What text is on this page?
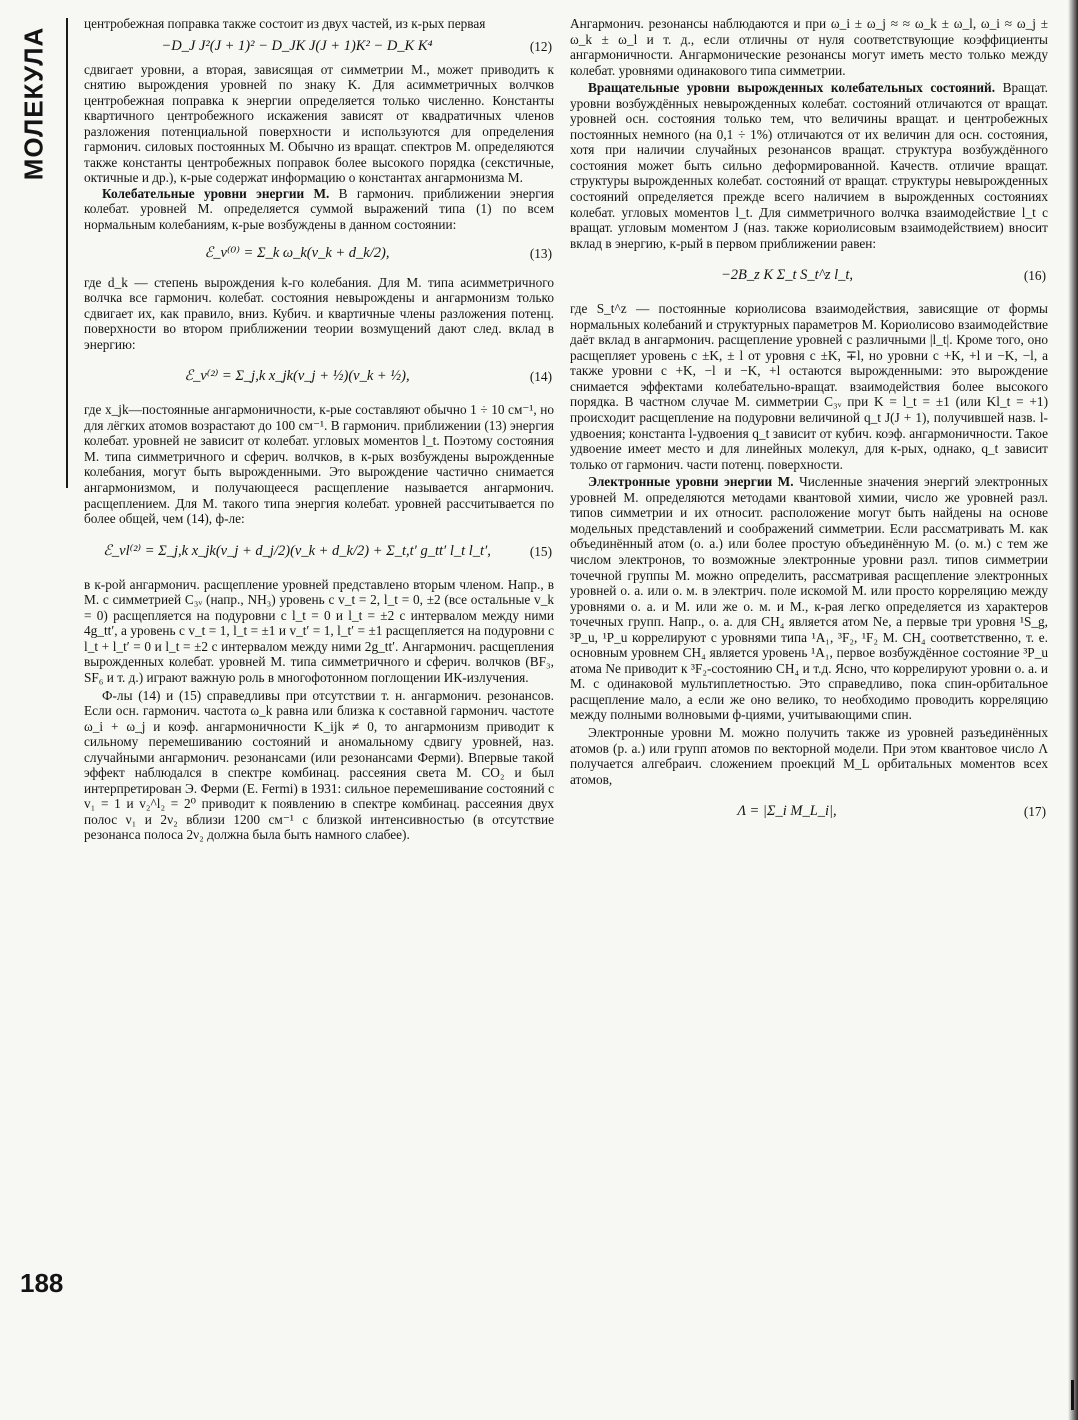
МОЛЕКУЛА
188

центробежная поправка также состоит из двух частей, из к-рых первая

−D_J J²(J + 1)² − D_JK J(J + 1)K² − D_K K⁴	(12)

сдвигает уровни, а вторая, зависящая от симметрии М., может приводить к снятию вырождения уровней по знаку K. Для асимметричных волчков центробежная поправка к энергии определяется только численно. Константы квартичного центробежного искажения зависят от квадратичных членов разложения потенциальной поверхности и используются для определения гармонич. силовых постоянных М. Обычно из вращат. спектров М. определяются также константы центробежных поправок более высокого порядка (секстичные, октичные и др.), к-рые содержат информацию о константах ангармонизма М.

Колебательные уровни энергии М. В гармонич. приближении энергия колебат. уровней М. определяется суммой выражений типа (1) по всем нормальным колебаниям, к-рые возбуждены в данном состоянии:

ℰ_v⁽⁰⁾ = Σ_k ω_k(v_k + d_k/2),	(13)

где d_k — степень вырождения k-го колебания. Для М. типа асимметричного волчка все гармонич. колебат. состояния невырождены и ангармонизм только сдвигает их, как правило, вниз. Кубич. и квартичные члены разложения потенц. поверхности во втором приближении теории возмущений дают след. вклад в энергию:

ℰ_v⁽²⁾ = Σ_j,k x_jk(v_j + ½)(v_k + ½),	(14)

где x_jk—постоянные ангармоничности, к-рые составляют обычно 1 ÷ 10 см⁻¹, но для лёгких атомов возрастают до 100 см⁻¹. В гармонич. приближении (13) энергия колебат. уровней не зависит от колебат. угловых моментов l_t. Поэтому состояния М. типа симметричного и сферич. волчков, в к-рых возбуждены вырожденные колебания, могут быть вырожденными. Это вырождение частично снимается ангармонизмом, и получающееся расщепление называется ангармонич. расщеплением. Для М. такого типа энергия колебат. уровней рассчитывается по более общей, чем (14), ф-ле:

ℰ_vl⁽²⁾ = Σ_j,k x_jk(v_j + d_j/2)(v_k + d_k/2) + Σ_t,t′ g_tt′ l_t l_t′,	(15)

в к-рой ангармонич. расщепление уровней представлено вторым членом. Напр., в М. с симметрией C₃ᵥ (напр., NH₃) уровень с v_t = 2, l_t = 0, ±2 (все остальные v_k = 0) расщепляется на подуровни с l_t = 0 и l_t = ±2 с интервалом между ними 4g_tt′, а уровень с v_t = 1, l_t = ±1 и v_t′ = 1, l_t′ = ±1 расщепляется на подуровни с l_t + l_t′ = 0 и l_t = ±2 с интервалом между ними 2g_tt′. Ангармонич. расщепления вырожденных колебат. уровней М. типа симметричного и сферич. волчков (BF₃, SF₆ и т. д.) играют важную роль в многофотонном поглощении ИК-излучения.

Ф-лы (14) и (15) справедливы при отсутствии т. н. ангармонич. резонансов. Если осн. гармонич. частота ω_k равна или близка к составной гармонич. частоте ω_i + ω_j и коэф. ангармоничности K_ijk ≠ 0, то ангармонизм приводит к сильному перемешиванию состояний и аномальному сдвигу уровней, наз. случайными ангармонич. резонансами (или резонансами Ферми). Впервые такой эффект наблюдался в спектре комбинац. рассеяния света М. CO₂ и был интерпретирован Э. Ферми (E. Fermi) в 1931: сильное перемешивание состояний с v₁ = 1 и v₂^l₂ = 2⁰ приводит к появлению в спектре комбинац. рассеяния двух полос ν₁ и 2ν₂ вблизи 1200 см⁻¹ с близкой интенсивностью (в отсутствие резонанса полоса 2ν₂ должна была быть намного слабее).

Ангармонич. резонансы наблюдаются и при ω_i ± ω_j ≈ ≈ ω_k ± ω_l, ω_i ≈ ω_j ± ω_k ± ω_l и т. д., если отличны от нуля соответствующие коэффициенты ангармоничности. Ангармонические резонансы могут иметь место только между колебат. уровнями одинакового типа симметрии.

Вращательные уровни вырожденных колебательных состояний. Вращат. уровни возбуждённых невырожденных колебат. состояний отличаются от вращат. уровней осн. состояния только тем, что величины вращат. и центробежных постоянных немного (на 0,1 ÷ 1%) отличаются от их величин для осн. состояния, хотя при наличии случайных резонансов вращат. структура возбуждённого состояния может быть сильно деформированной. Качеств. отличие вращат. структуры вырожденных колебат. состояний от вращат. структуры невырожденных состояний определяется прежде всего наличием в вырожденных состояниях колебат. угловых моментов l_t. Для симметричного волчка взаимодействие l_t с вращат. угловым моментом J (наз. также кориолисовым взаимодействием) вносит вклад в энергию, к-рый в первом приближении равен:

−2B_z K Σ_t S_t^z l_t,	(16)

где S_t^z — постоянные кориолисова взаимодействия, зависящие от формы нормальных колебаний и структурных параметров М. Кориолисово взаимодействие даёт вклад в ангармонич. расщепление уровней с различными |l_t|. Кроме того, оно расщепляет уровень с ±K, ± l от уровня с ±K, ∓l, но уровни с +K, +l и −K, −l, а также уровни с +K, −l и −K, +l остаются вырожденными: это вырождение снимается эффектами колебательно-вращат. взаимодействия более высокого порядка. В частном случае М. симметрии C₃ᵥ при K = l_t = ±1 (или Kl_t = +1) происходит расщепление на подуровни величиной q_t J(J + 1), получившей назв. l-удвоения; константа l-удвоения q_t зависит от кубич. коэф. ангармоничности. Такое удвоение имеет место и для линейных молекул, для к-рых, однако, q_t зависит только от гармонич. части потенц. поверхности.

Электронные уровни энергии М. Численные значения энергий электронных уровней М. определяются методами квантовой химии, число же уровней разл. типов симметрии и их относит. расположение могут быть найдены на основе модельных представлений и соображений симметрии. Если рассматривать М. как объединённый атом (о. а.) или более простую объединённую М. (о. м.) с тем же числом электронов, то возможные электронные уровни разл. типов симметрии точечной группы М. можно определить, рассматривая расщепление электронных уровней о. а. или о. м. в электрич. поле искомой М. или просто корреляцию между уровнями о. а. и М. или же о. м. и М., к-рая легко определяется из характеров точечных групп. Напр., о. а. для CH₄ является атом Ne, а первые три уровня ¹S_g, ³P_u, ¹P_u коррелируют с уровнями типа ¹A₁, ³F₂, ¹F₂ М. CH₄ соответственно, т. е. основным уровнем CH₄ является уровень ¹A₁, первое возбуждённое состояние ³P_u атома Ne приводит к ³F₂-состоянию CH₄ и т.д. Ясно, что коррелируют уровни о. а. и М. с одинаковой мультиплетностью. Это справедливо, пока спин-орбитальное расщепление мало, а если же оно велико, то необходимо проводить корреляцию между полными волновыми ф-циями, учитывающими спин.

Электронные уровни М. можно получить также из уровней разъединённых атомов (р. а.) или групп атомов по векторной модели. При этом квантовое число Λ получается алгебраич. сложением проекций M_L орбитальных моментов всех атомов,

Λ = |Σ_i M_L_i|,	(17)
